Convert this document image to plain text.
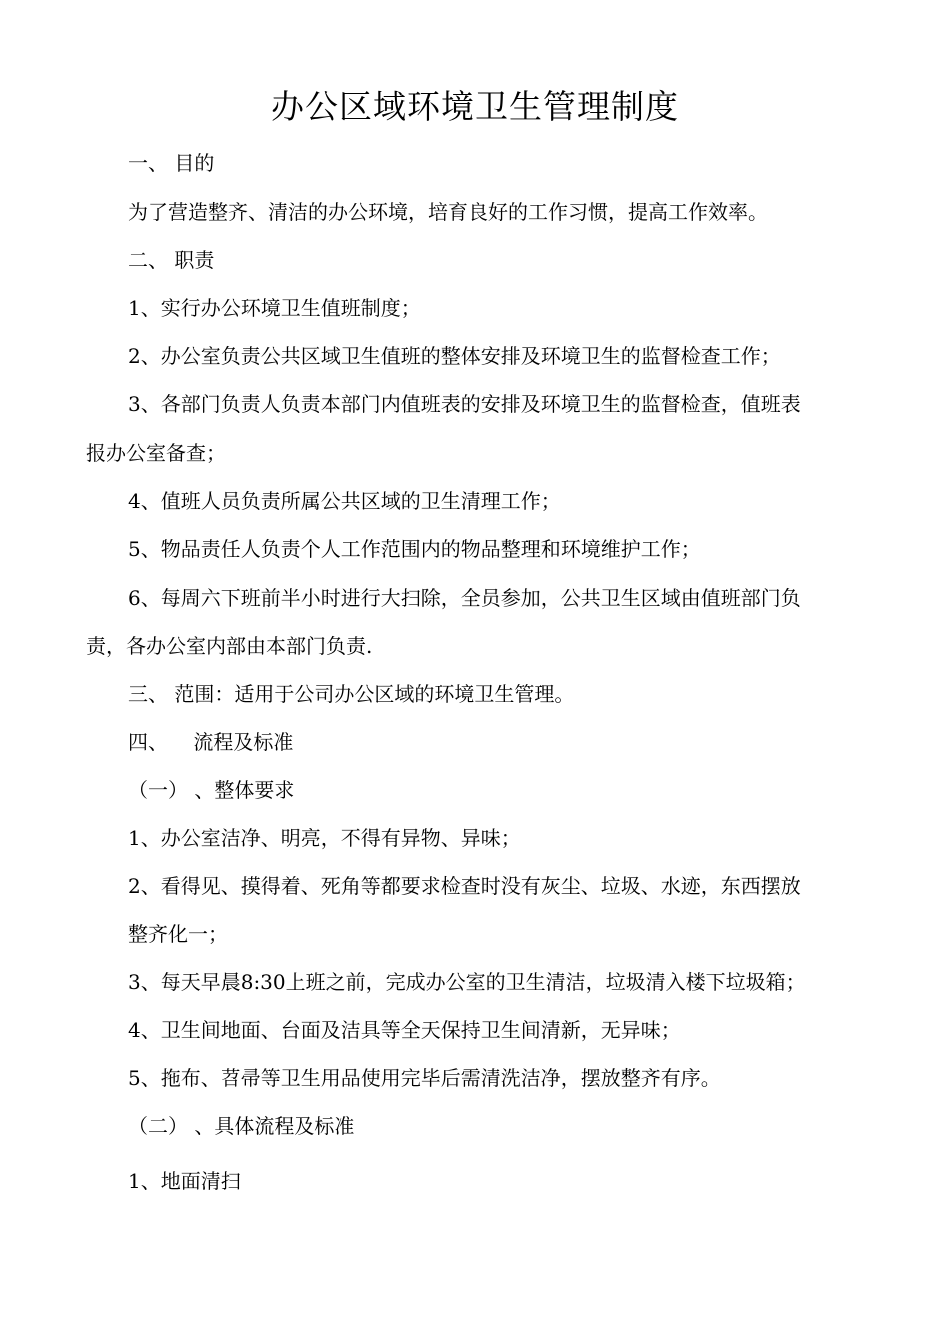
办公区域环境卫生管理制度
一、 目的
为了营造整齐、清洁的办公环境，培育良好的工作习惯，提高工作效率。
二、 职责
1、实行办公环境卫生值班制度；
2、办公室负责公共区域卫生值班的整体安排及环境卫生的监督检查工作；
3、各部门负责人负责本部门内值班表的安排及环境卫生的监督检查，值班表
报办公室备查；
4、值班人员负责所属公共区域的卫生清理工作；
5、物品责任人负责个人工作范围内的物品整理和环境维护工作；
6、每周六下班前半小时进行大扫除，全员参加，公共卫生区域由值班部门负
责，各办公室内部由本部门负责.
三、 范围：适用于公司办公区域的环境卫生管理。
四、    流程及标准
（一） 、整体要求
1、办公室洁净、明亮，不得有异物、异味；
2、看得见、摸得着、死角等都要求检查时没有灰尘、垃圾、水迹，东西摆放
整齐化一；
3、每天早晨8:30上班之前，完成办公室的卫生清洁，垃圾清入楼下垃圾箱；
4、卫生间地面、台面及洁具等全天保持卫生间清新，无异味；
5、拖布、苕帚等卫生用品使用完毕后需清洗洁净，摆放整齐有序。
（二） 、具体流程及标准
1、地面清扫
